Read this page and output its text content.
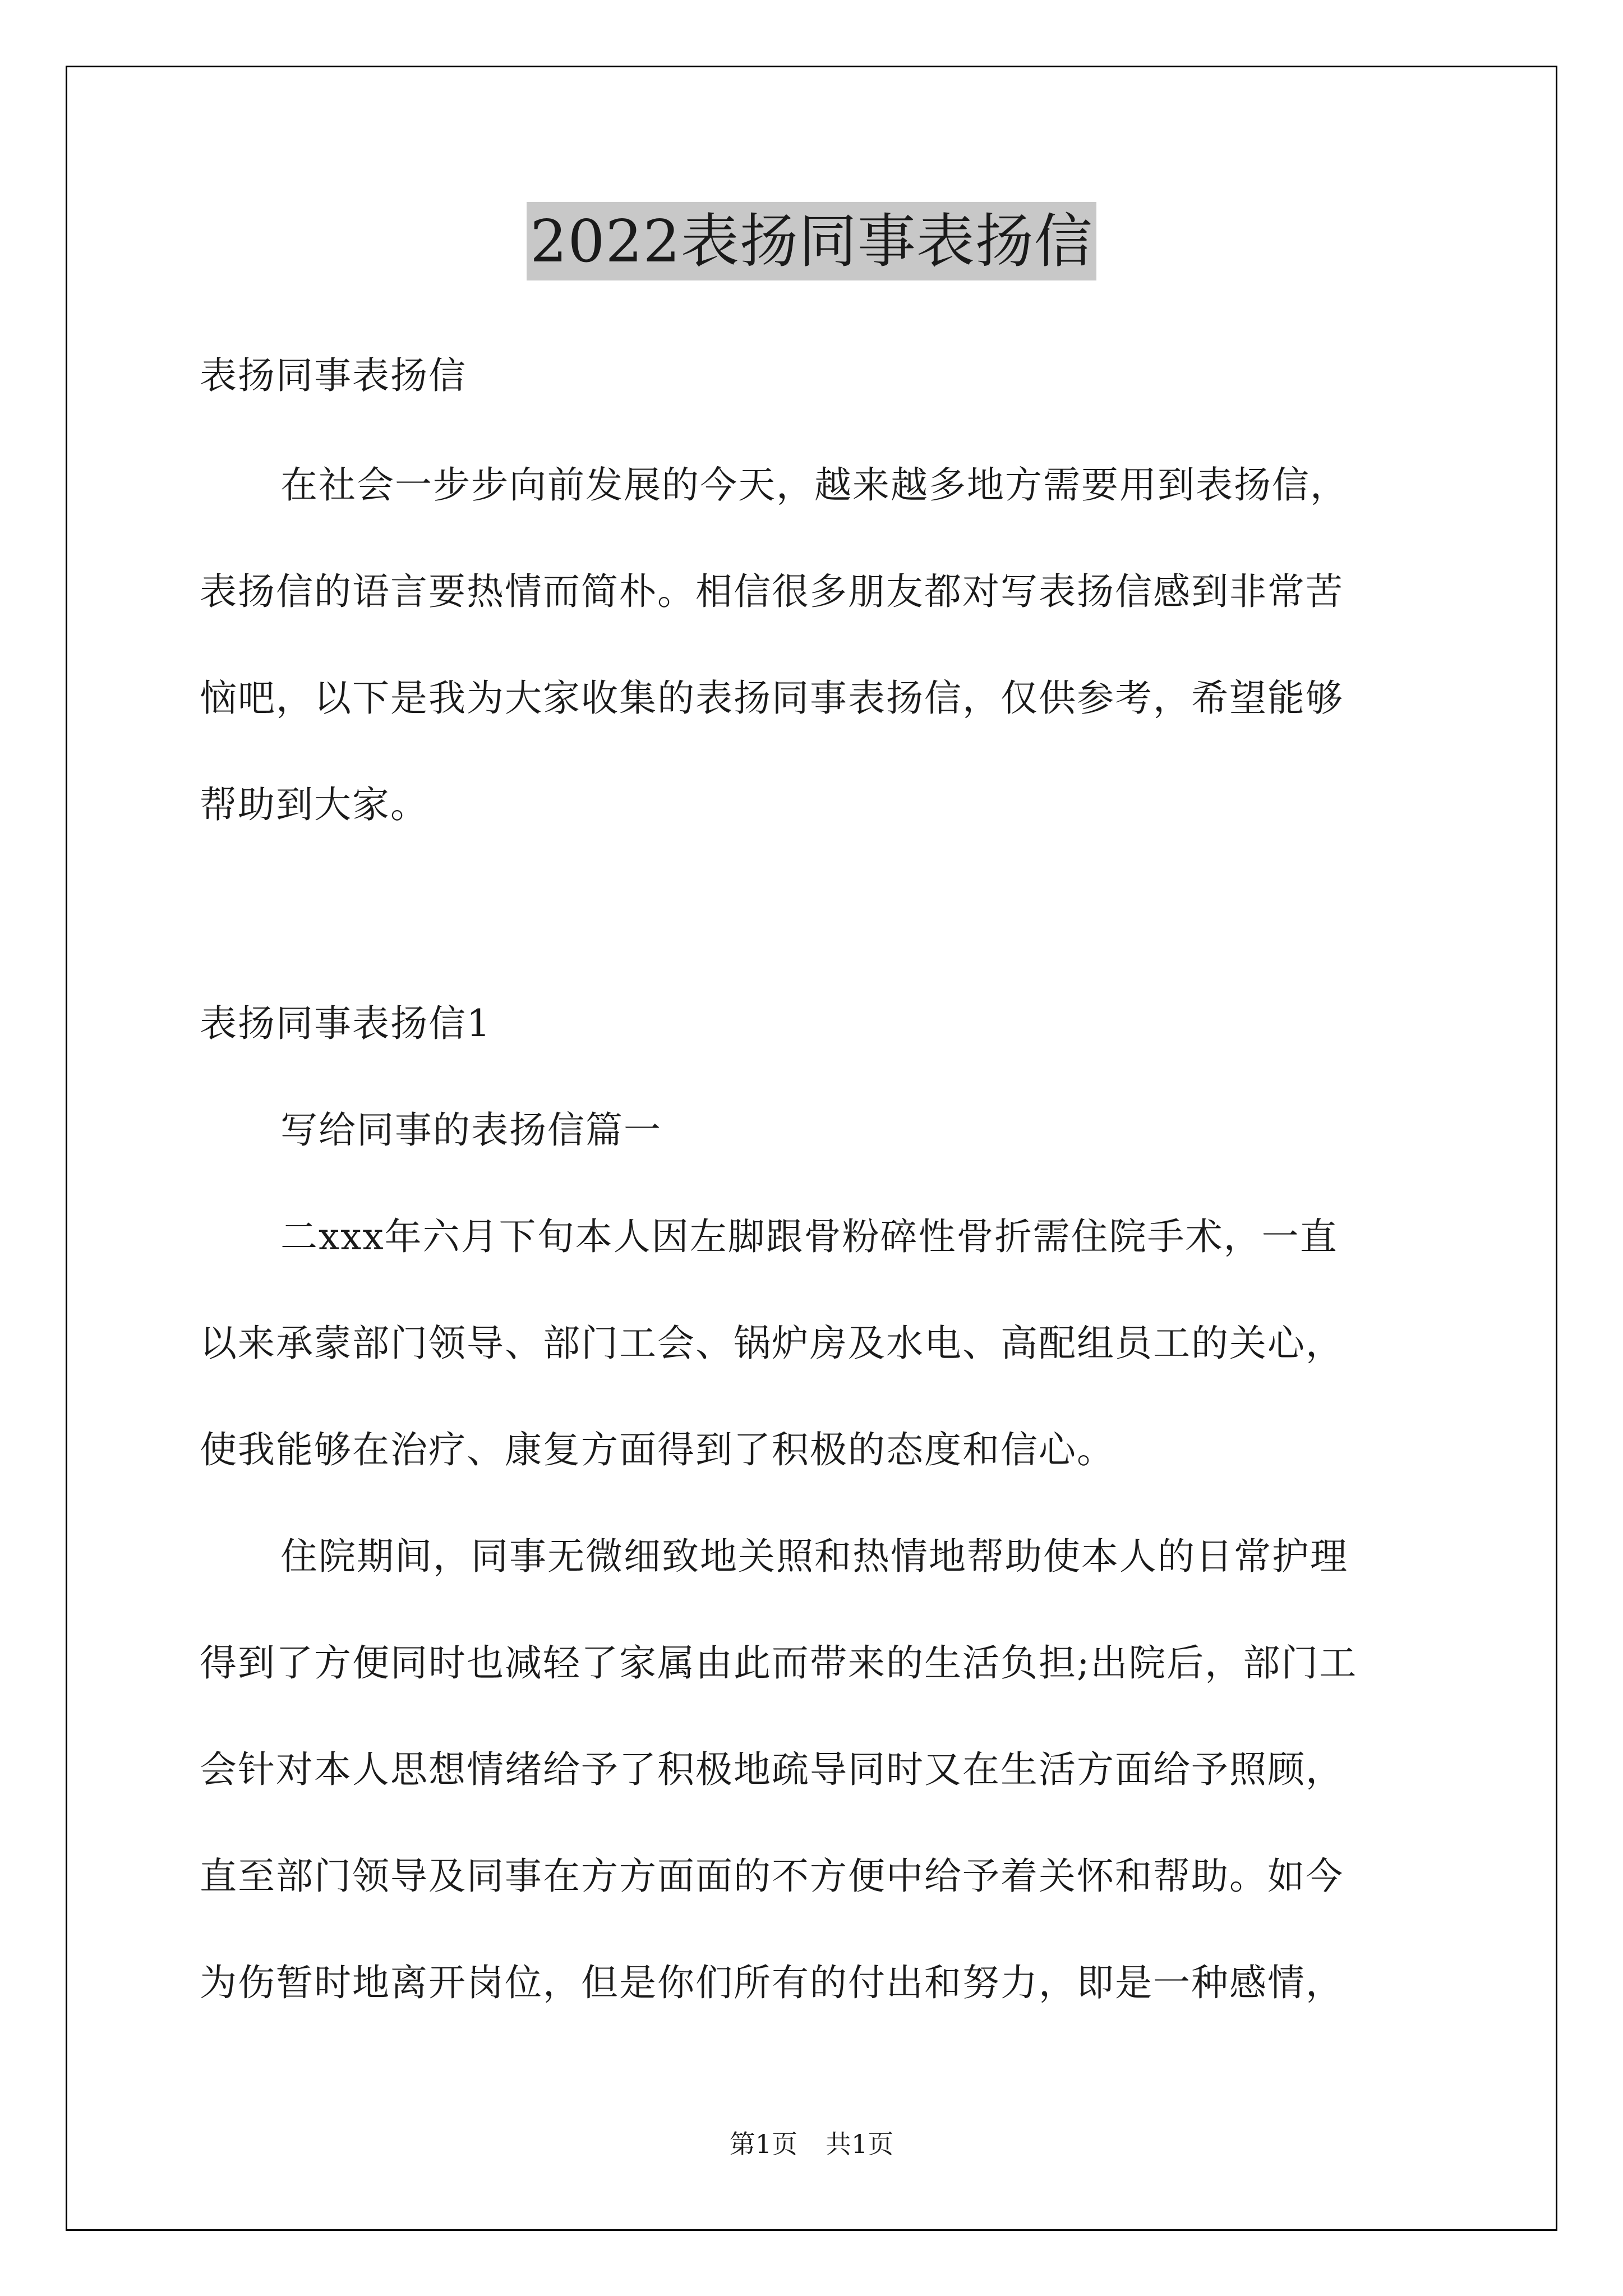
2022表扬同事表扬信
表扬同事表扬信
在社会一步步向前发展的今天，越来越多地方需要用到表扬信，
表扬信的语言要热情而简朴。相信很多朋友都对写表扬信感到非常苦
恼吧，以下是我为大家收集的表扬同事表扬信，仅供参考，希望能够
帮助到大家。
表扬同事表扬信1
写给同事的表扬信篇一
二xxx年六月下旬本人因左脚跟骨粉碎性骨折需住院手术，一直
以来承蒙部门领导、部门工会、锅炉房及水电、高配组员工的关心，
使我能够在治疗、康复方面得到了积极的态度和信心。
住院期间，同事无微细致地关照和热情地帮助使本人的日常护理
得到了方便同时也减轻了家属由此而带来的生活负担;出院后，部门工
会针对本人思想情绪给予了积极地疏导同时又在生活方面给予照顾，
直至部门领导及同事在方方面面的不方便中给予着关怀和帮助。如今
为伤暂时地离开岗位，但是你们所有的付出和努力，即是一种感情，
第1页 共1页
